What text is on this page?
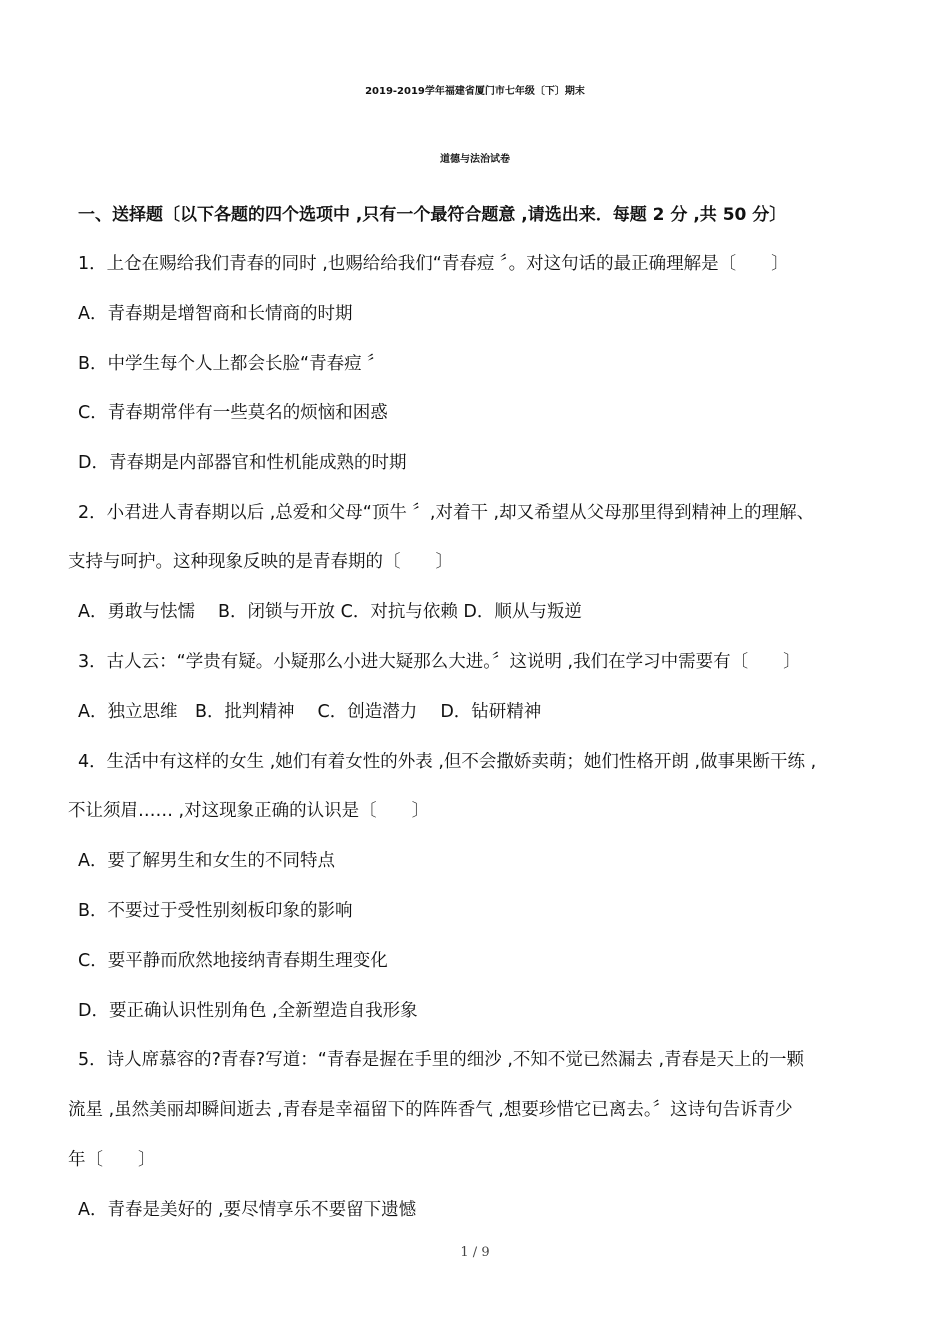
2019-2019学年福建省厦门市七年级〔下〕期末
道德与法治试卷
一、送择题〔以下各题的四个选项中 ,只有一个最符合题意 ,请选出来．每题 2 分 ,共 50 分〕
1．上仓在赐给我们青春的同时 ,也赐给给我们“青春痘 〞。对这句话的最正确理解是〔　　〕
A．青春期是增智商和长情商的时期
B．中学生每个人上都会长脸“青春痘 〞
C．青春期常伴有一些莫名的烦恼和困惑
D．青春期是内部器官和性机能成熟的时期
2．小君进人青春期以后 ,总爱和父母“顶牛 〞,对着干 ,却又希望从父母那里得到精神上的理解、
支持与呵护。这种现象反映的是青春期的〔　　〕
A．勇敢与怯懦　 B．闭锁与开放 C．对抗与依赖 D．顺从与叛逆
3．古人云：“学贵有疑。小疑那么小进大疑那么大进。〞这说明 ,我们在学习中需要有〔　　〕
A．独立思维　B．批判精神　 C．创造潜力　 D．钻研精神
4．生活中有这样的女生 ,她们有着女性的外表 ,但不会撒娇卖萌；她们性格开朗 ,做事果断干练 ,
不让须眉…… ,对这现象正确的认识是〔　　〕
A．要了解男生和女生的不同特点
B．不要过于受性别刻板印象的影响
C．要平静而欣然地接纳青春期生理变化
D．要正确认识性别角色 ,全新塑造自我形象
5．诗人席慕容的?青春?写道：“青春是握在手里的细沙 ,不知不觉已然漏去 ,青春是天上的一颗
流星 ,虽然美丽却瞬间逝去 ,青春是幸福留下的阵阵香气 ,想要珍惜它已离去。〞这诗句告诉青少
年〔　　〕
A．青春是美好的 ,要尽情享乐不要留下遗憾
1 / 9
